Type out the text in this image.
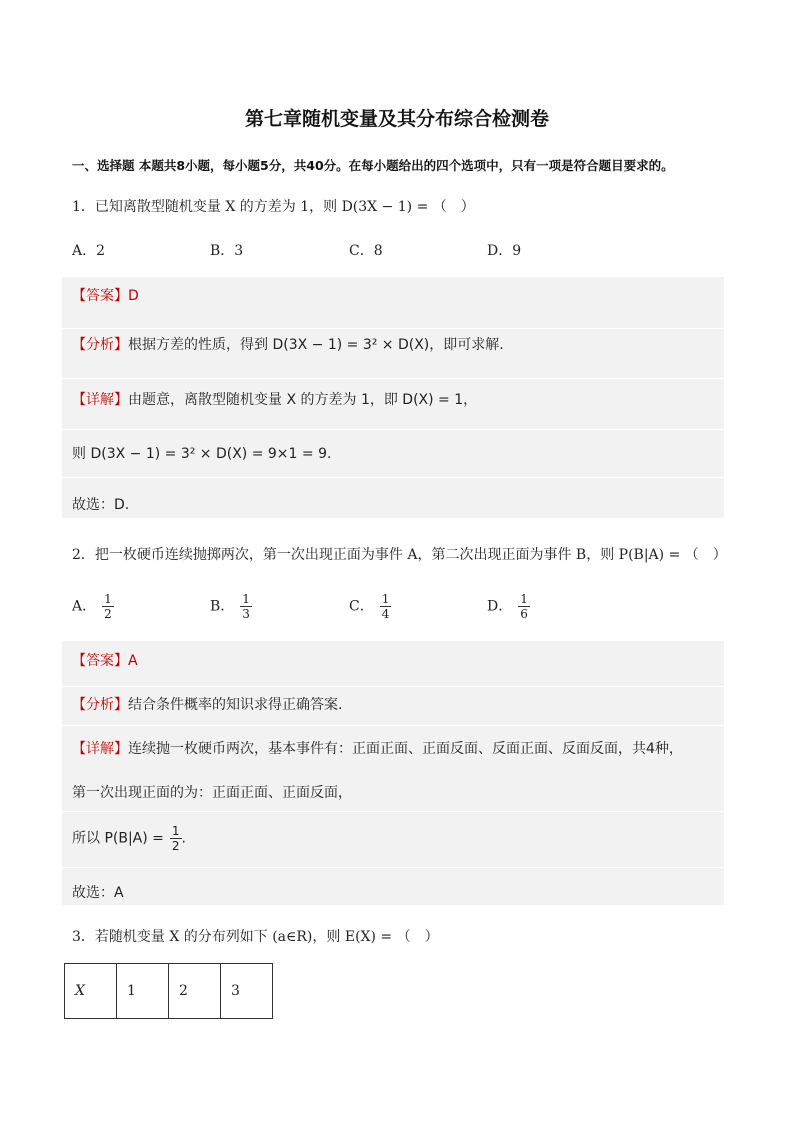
第七章随机变量及其分布综合检测卷
一、选择题 本题共8小题，每小题5分，共40分。在每小题给出的四个选项中，只有一项是符合题目要求的。
1．已知离散型随机变量 X 的方差为 1，则 D(3X − 1) = （　）
A．2	B．3	C．8	D．9
【答案】D
【分析】根据方差的性质，得到 D(3X − 1) = 3² × D(X)，即可求解.
【详解】由题意，离散型随机变量 X 的方差为 1，即 D(X) = 1，
则 D(3X − 1) = 3² × D(X) = 9×1 = 9.
故选：D.
2．把一枚硬币连续抛掷两次，第一次出现正面为事件 A，第二次出现正面为事件 B，则 P(B|A) = （　）
A． $\frac{1}{2}$	B． $\frac{1}{3}$	C． $\frac{1}{4}$	D． $\frac{1}{6}$
【答案】A
【分析】结合条件概率的知识求得正确答案.
【详解】连续抛一枚硬币两次，基本事件有：正面正面、正面反面、反面正面、反面反面，共4种，
第一次出现正面的为：正面正面、正面反面，
所以 $P(B|A) = \frac{1}{2}$ .
故选：A
3．若随机变量 X 的分布列如下 (a∈R)，则 E(X) = （　）
X	1	2	3
